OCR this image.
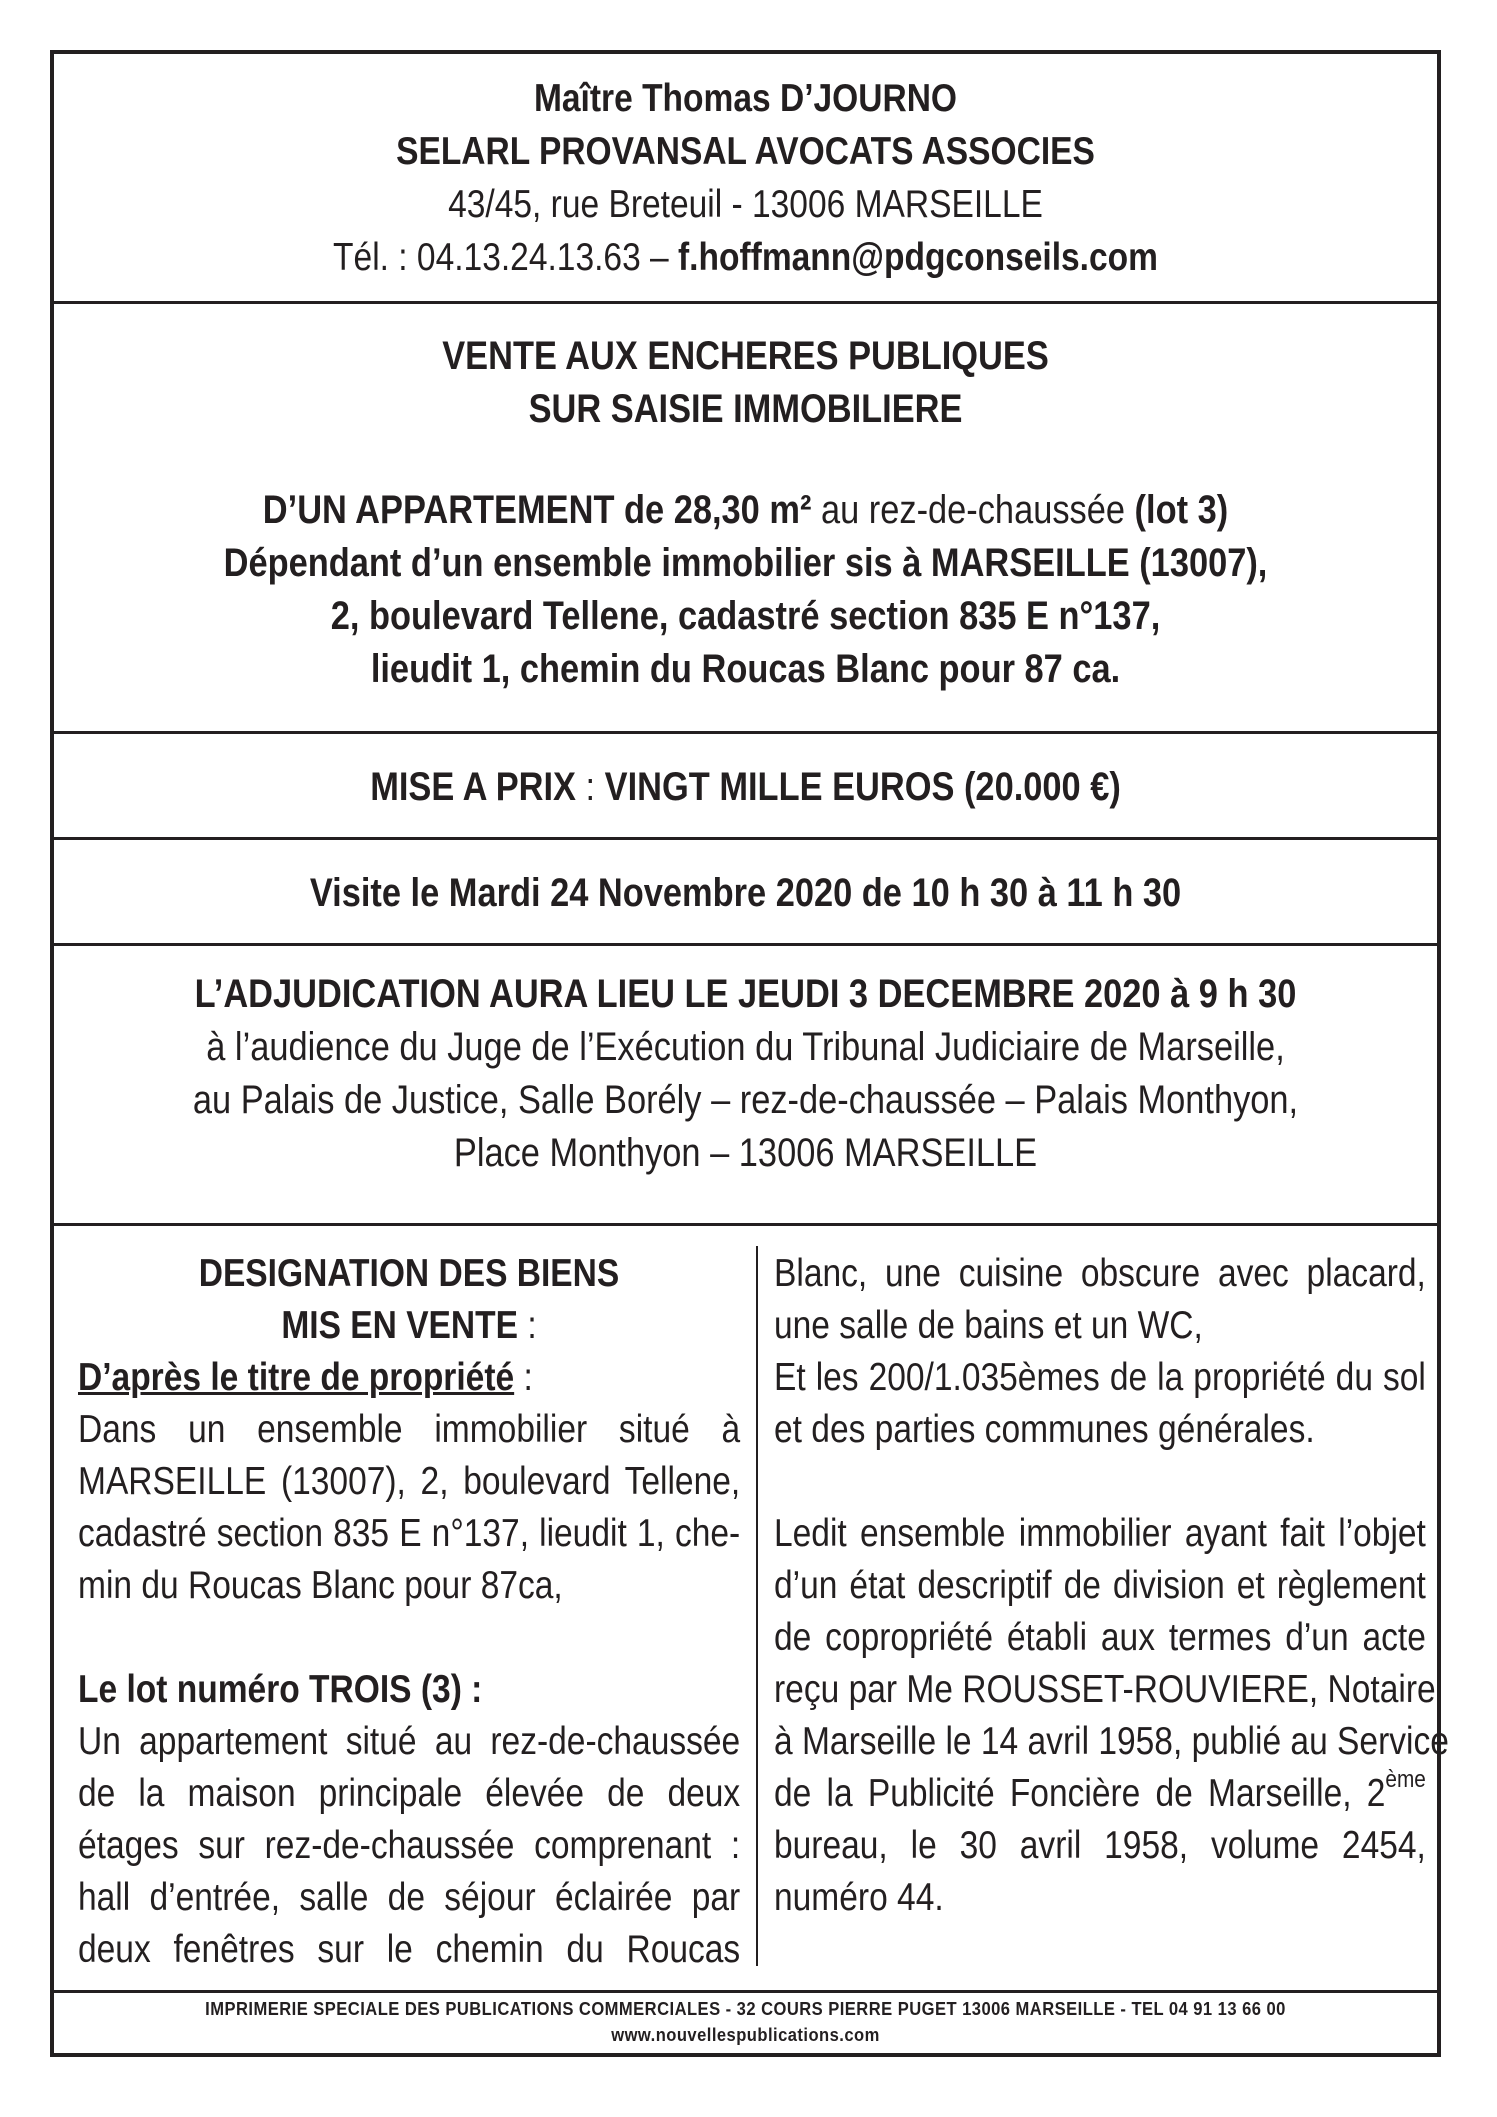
Maître Thomas D’JOURNO
SELARL PROVANSAL AVOCATS ASSOCIES
43/45, rue Breteuil - 13006 MARSEILLE
Tél. : 04.13.24.13.63 – f.hoffmann@pdgconseils.com
VENTE AUX ENCHERES PUBLIQUES
SUR SAISIE IMMOBILIERE
D’UN APPARTEMENT de 28,30 m² au rez-de-chaussée (lot 3)
Dépendant d’un ensemble immobilier sis à MARSEILLE (13007),
2, boulevard Tellene, cadastré section 835 E n°137,
lieudit 1, chemin du Roucas Blanc pour 87 ca.
MISE A PRIX : VINGT MILLE EUROS (20.000 €)
Visite le Mardi 24 Novembre 2020 de 10 h 30 à 11 h 30
L’ADJUDICATION AURA LIEU LE JEUDI 3 DECEMBRE 2020 à 9 h 30
à l’audience du Juge de l’Exécution du Tribunal Judiciaire de Marseille,
au Palais de Justice, Salle Borély – rez-de-chaussée – Palais Monthyon,
Place Monthyon – 13006 MARSEILLE
DESIGNATION DES BIENS
MIS EN VENTE :
D’après le titre de propriété :
Dans un ensemble immobilier situé à
MARSEILLE (13007), 2, boulevard Tellene,
cadastré section 835 E n°137, lieudit 1, che-
min du Roucas Blanc pour 87ca,
Le lot numéro TROIS (3) :
Un appartement situé au rez-de-chaussée
de la maison principale élevée de deux
étages sur rez-de-chaussée comprenant :
hall d’entrée, salle de séjour éclairée par
deux fenêtres sur le chemin du Roucas
Blanc, une cuisine obscure avec placard,
une salle de bains et un WC,
Et les 200/1.035èmes de la propriété du sol
et des parties communes générales.
Ledit ensemble immobilier ayant fait l’objet
d’un état descriptif de division et règlement
de copropriété établi aux termes d’un acte
reçu par Me ROUSSET-ROUVIERE, Notaire
à Marseille le 14 avril 1958, publié au Service
de la Publicité Foncière de Marseille, 2ème
bureau, le 30 avril 1958, volume 2454,
numéro 44.
IMPRIMERIE SPECIALE DES PUBLICATIONS COMMERCIALES - 32 COURS PIERRE PUGET 13006 MARSEILLE - TEL 04 91 13 66 00
www.nouvellespublications.com
